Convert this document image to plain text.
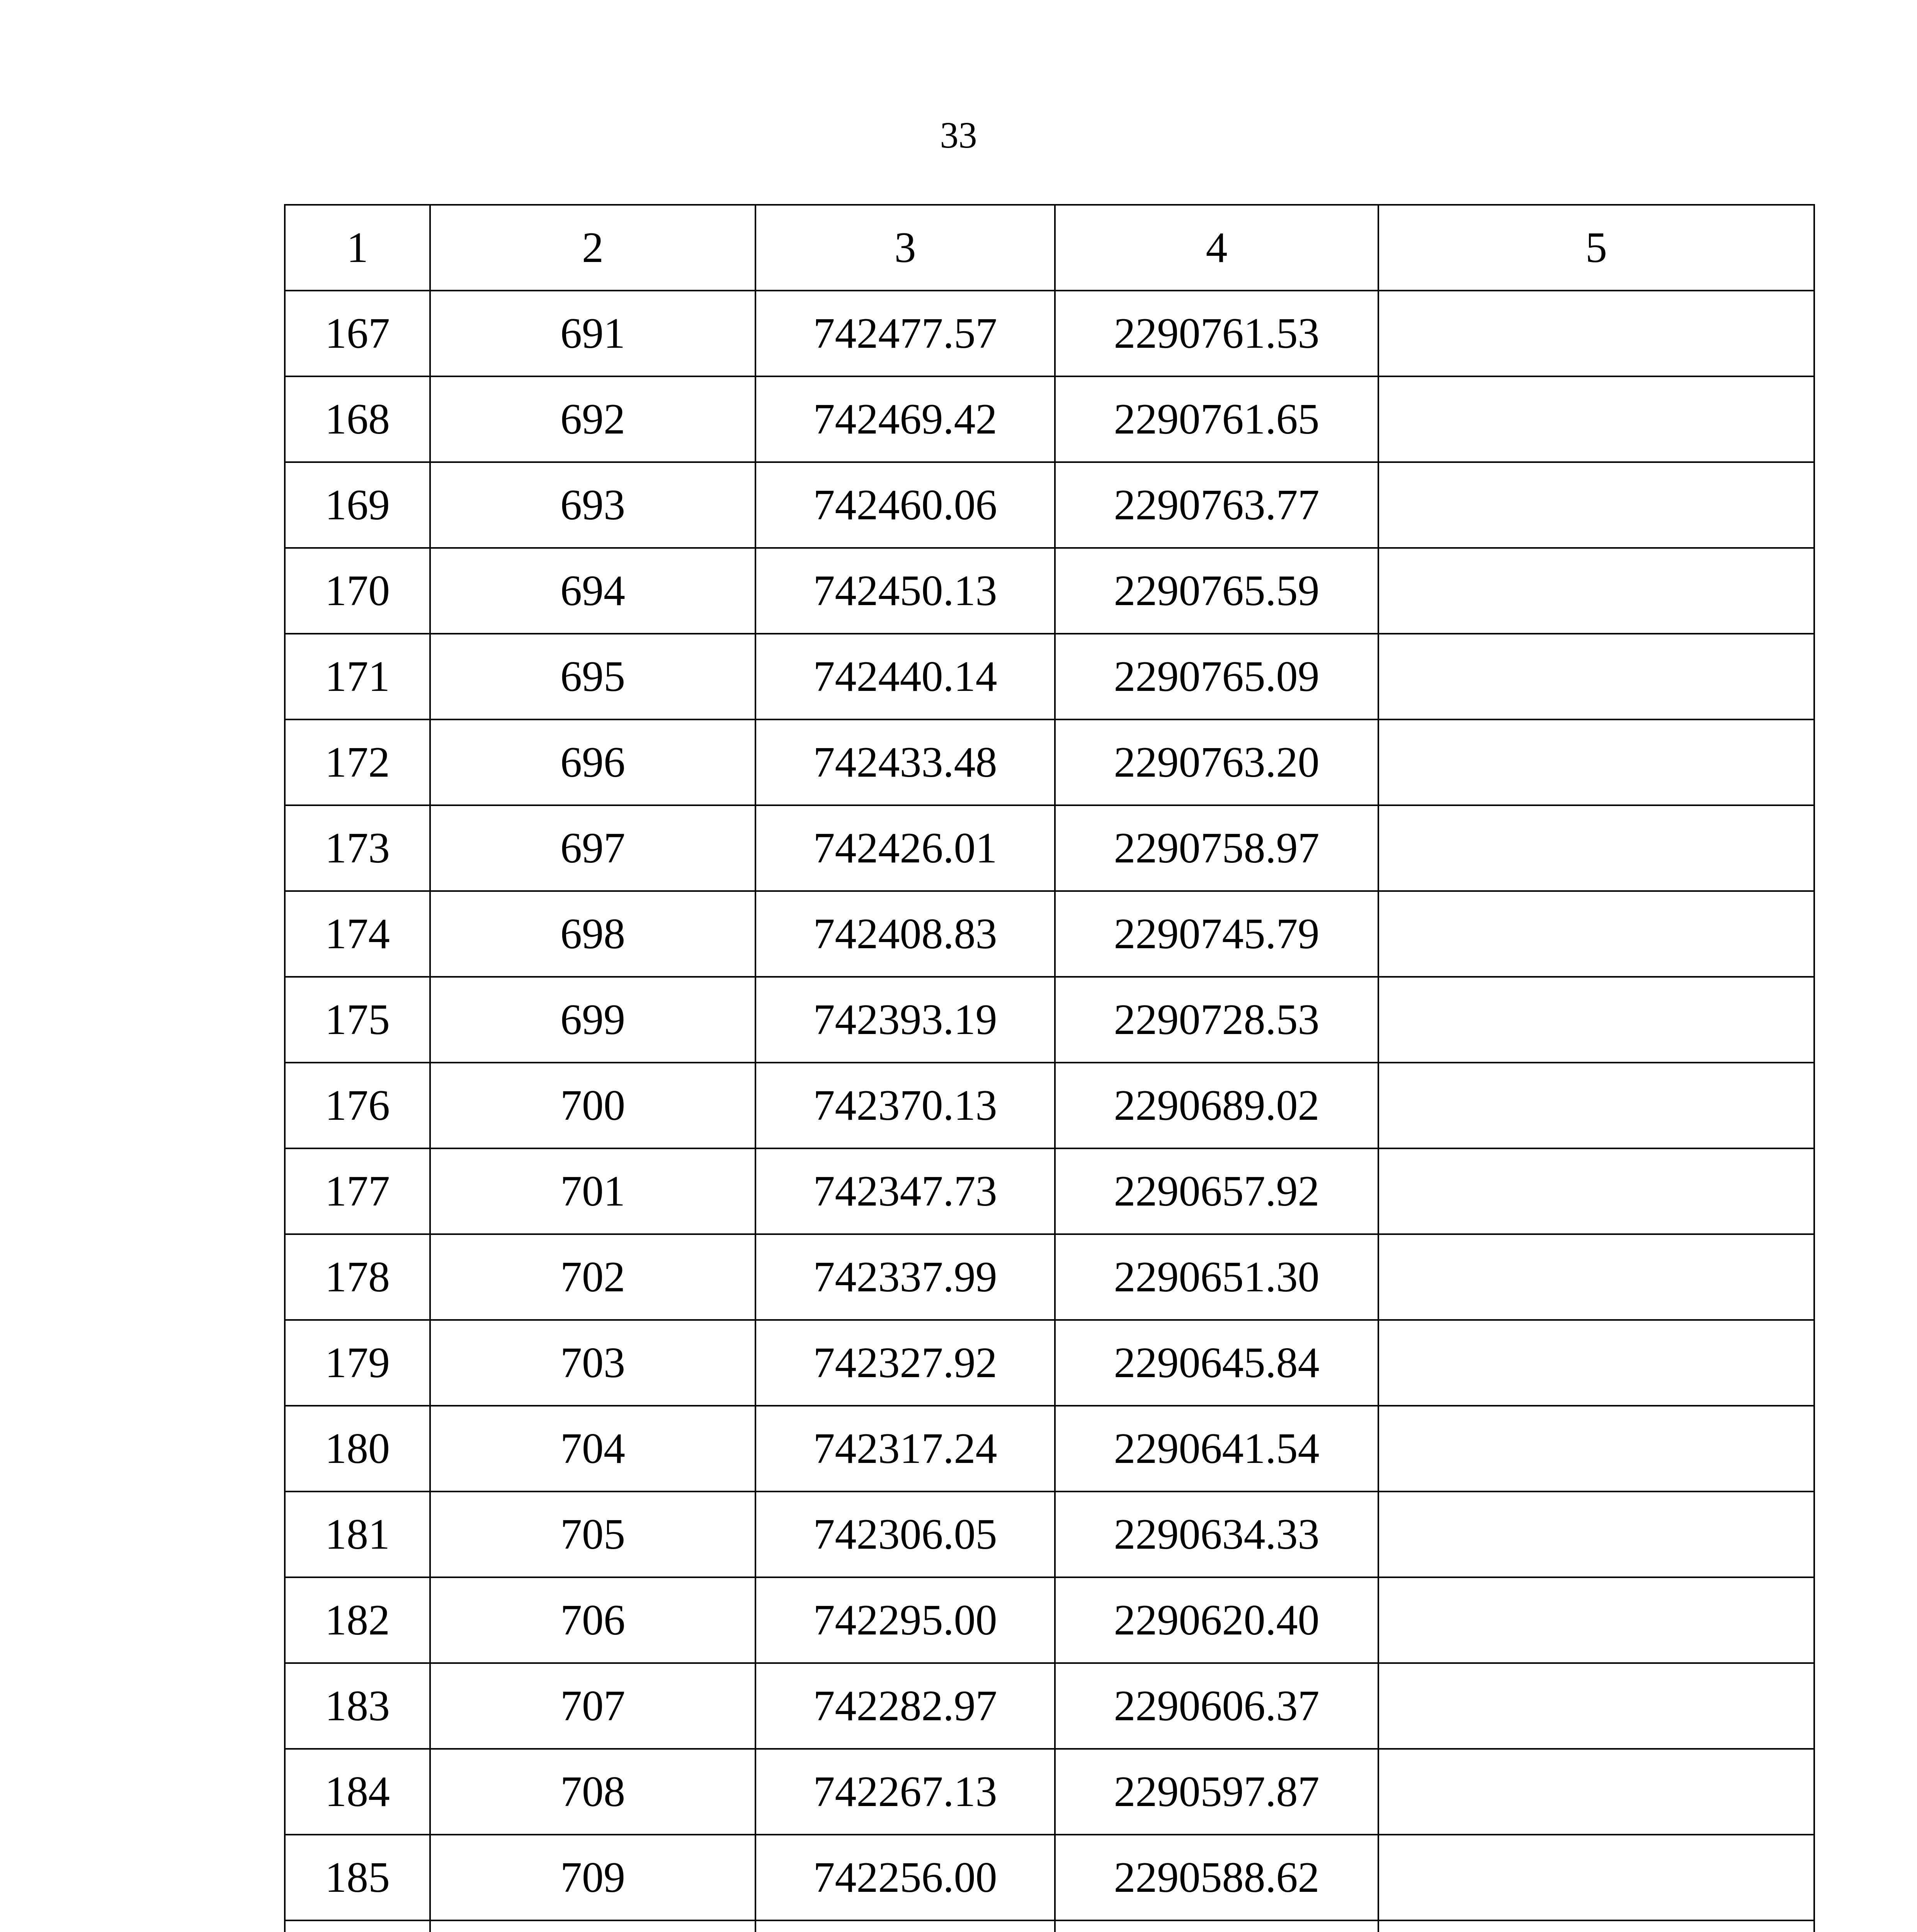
33
1	2	3	4	5
167	691	742477.57	2290761.53	
168	692	742469.42	2290761.65	
169	693	742460.06	2290763.77	
170	694	742450.13	2290765.59	
171	695	742440.14	2290765.09	
172	696	742433.48	2290763.20	
173	697	742426.01	2290758.97	
174	698	742408.83	2290745.79	
175	699	742393.19	2290728.53	
176	700	742370.13	2290689.02	
177	701	742347.73	2290657.92	
178	702	742337.99	2290651.30	
179	703	742327.92	2290645.84	
180	704	742317.24	2290641.54	
181	705	742306.05	2290634.33	
182	706	742295.00	2290620.40	
183	707	742282.97	2290606.37	
184	708	742267.13	2290597.87	
185	709	742256.00	2290588.62	
